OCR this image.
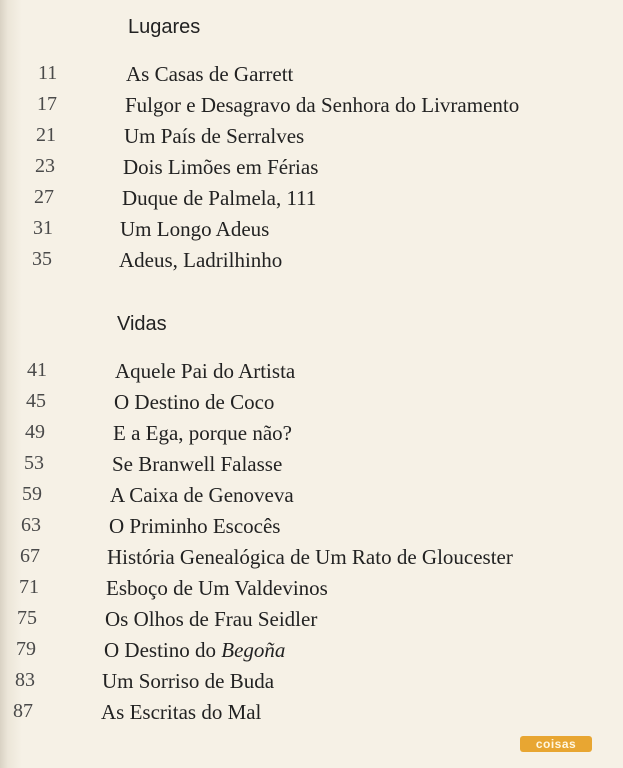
Lugares
11	As Casas de Garrett
17	Fulgor e Desagravo da Senhora do Livramento
21	Um País de Serralves
23	Dois Limões em Férias
27	Duque de Palmela, 111
31	Um Longo Adeus
35	Adeus, Ladrilhinho
Vidas
41	Aquele Pai do Artista
45	O Destino de Coco
49	E a Ega, porque não?
53	Se Branwell Falasse
59	A Caixa de Genoveva
63	O Priminho Escocês
67	História Genealógica de Um Rato de Gloucester
71	Esboço de Um Valdevinos
75	Os Olhos de Frau Seidler
79	O Destino do Begoña
83	Um Sorriso de Buda
87	As Escritas do Mal
coisas
